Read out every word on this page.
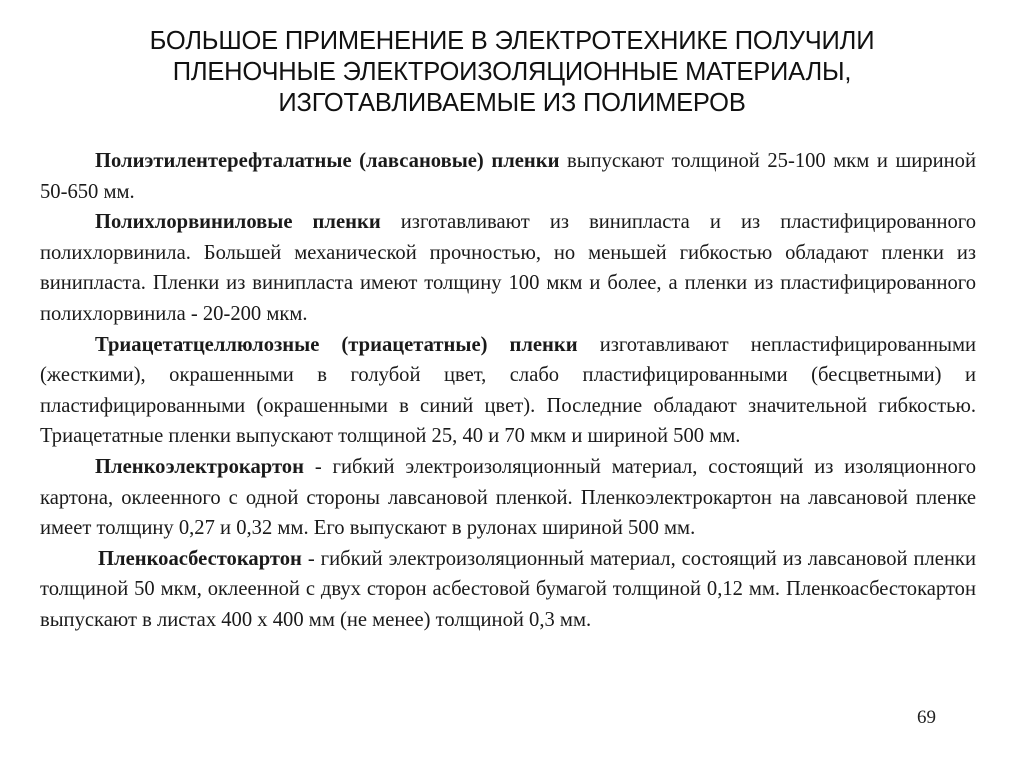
БОЛЬШОЕ ПРИМЕНЕНИЕ В ЭЛЕКТРОТЕХНИКЕ ПОЛУЧИЛИ
ПЛЕНОЧНЫЕ ЭЛЕКТРОИЗОЛЯЦИОННЫЕ МАТЕРИАЛЫ,
ИЗГОТАВЛИВАЕМЫЕ ИЗ ПОЛИМЕРОВ

Полиэтилентерефталатные (лавсановые) пленки выпускают толщиной 25-100 мкм и шириной 50-650 мм.

Полихлорвиниловые пленки изготавливают из винипласта и из пластифицированного полихлорвинила. Большей механической прочностью, но меньшей гибкостью обладают пленки из винипласта. Пленки из винипласта имеют толщину 100 мкм и более, а пленки из пластифицированного полихлорвинила - 20-200 мкм.

Триацетатцеллюлозные (триацетатные) пленки изготавливают непластифицированными (жесткими), окрашенными в голубой цвет, слабо пластифицированными (бесцветными) и пластифицированными (окрашенными в синий цвет). Последние обладают значительной гибкостью. Триацетатные пленки выпускают толщиной 25, 40 и 70 мкм и шириной 500 мм.

Пленкоэлектрокартон - гибкий электроизоляционный материал, состоящий из изоляционного картона, оклеенного с одной стороны лавсановой пленкой. Пленкоэлектрокартон на лавсановой пленке имеет толщину 0,27 и 0,32 мм. Его выпускают в рулонах шириной 500 мм.

Пленкоасбестокартон - гибкий электроизоляционный материал, состоящий из лавсановой пленки толщиной 50 мкм, оклеенной с двух сторон асбестовой бумагой толщиной 0,12 мм. Пленкоасбестокартон выпускают в листах 400 x 400 мм (не менее) толщиной 0,3 мм.

69
